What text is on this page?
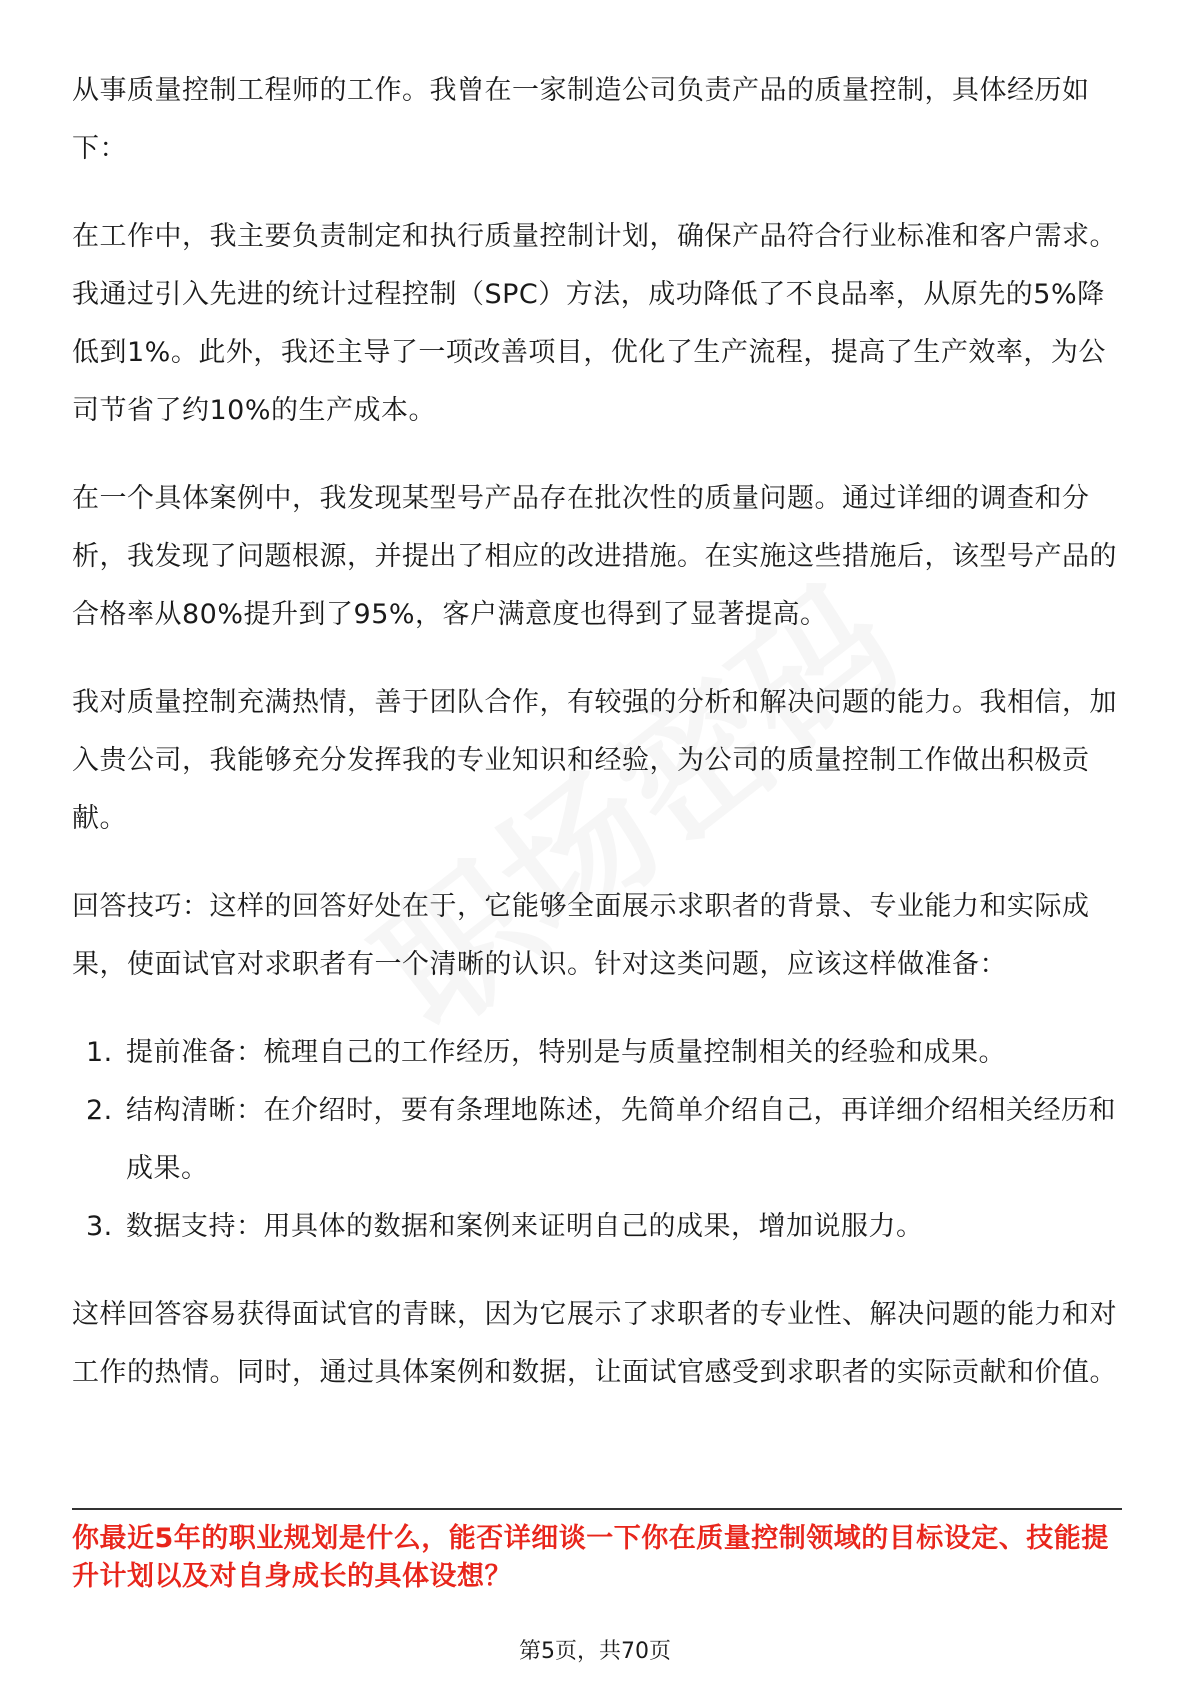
从事质量控制工程师的工作。我曾在一家制造公司负责产品的质量控制，具体经历如下：

在工作中，我主要负责制定和执行质量控制计划，确保产品符合行业标准和客户需求。我通过引入先进的统计过程控制（SPC）方法，成功降低了不良品率，从原先的5%降低到1%。此外，我还主导了一项改善项目，优化了生产流程，提高了生产效率，为公司节省了约10%的生产成本。

在一个具体案例中，我发现某型号产品存在批次性的质量问题。通过详细的调查和分析，我发现了问题根源，并提出了相应的改进措施。在实施这些措施后，该型号产品的合格率从80%提升到了95%，客户满意度也得到了显著提高。

我对质量控制充满热情，善于团队合作，有较强的分析和解决问题的能力。我相信，加入贵公司，我能够充分发挥我的专业知识和经验，为公司的质量控制工作做出积极贡献。

回答技巧：这样的回答好处在于，它能够全面展示求职者的背景、专业能力和实际成果，使面试官对求职者有一个清晰的认识。针对这类问题，应该这样做准备：

1. 提前准备：梳理自己的工作经历，特别是与质量控制相关的经验和成果。
2. 结构清晰：在介绍时，要有条理地陈述，先简单介绍自己，再详细介绍相关经历和成果。
3. 数据支持：用具体的数据和案例来证明自己的成果，增加说服力。

这样回答容易获得面试官的青睐，因为它展示了求职者的专业性、解决问题的能力和对工作的热情。同时，通过具体案例和数据，让面试官感受到求职者的实际贡献和价值。

你最近5年的职业规划是什么，能否详细谈一下你在质量控制领域的目标设定、技能提升计划以及对自身成长的具体设想？

第5页，共70页
